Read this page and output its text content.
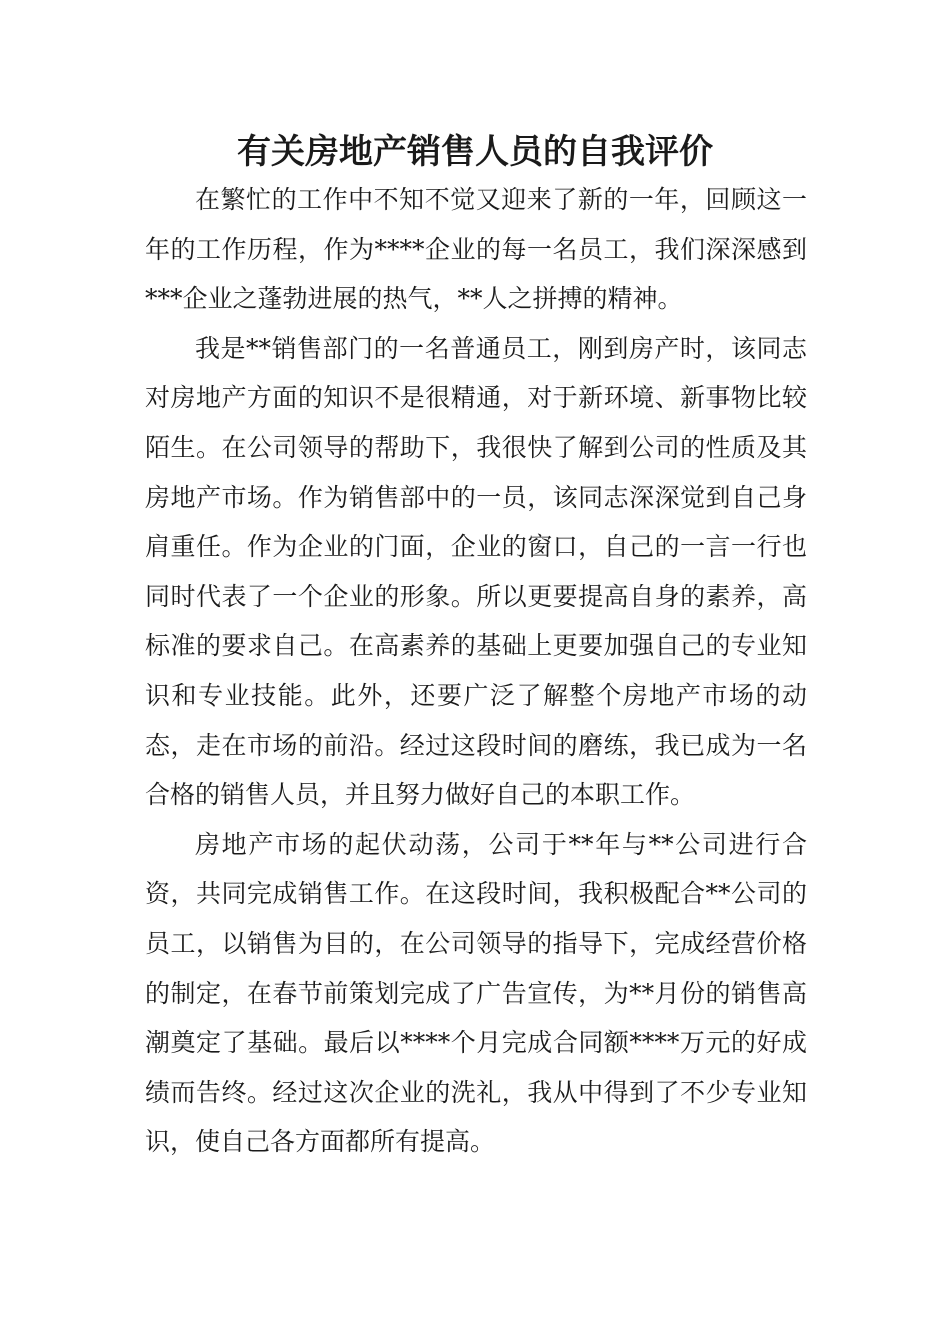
有关房地产销售人员的自我评价

在繁忙的工作中不知不觉又迎来了新的一年，回顾这一年的工作历程，作为****企业的每一名员工，我们深深感到***企业之蓬勃进展的热气，**人之拼搏的精神。

我是**销售部门的一名普通员工，刚到房产时，该同志对房地产方面的知识不是很精通，对于新环境、新事物比较陌生。在公司领导的帮助下，我很快了解到公司的性质及其房地产市场。作为销售部中的一员，该同志深深觉到自己身肩重任。作为企业的门面，企业的窗口，自己的一言一行也同时代表了一个企业的形象。所以更要提高自身的素养，高标准的要求自己。在高素养的基础上更要加强自己的专业知识和专业技能。此外，还要广泛了解整个房地产市场的动态，走在市场的前沿。经过这段时间的磨练，我已成为一名合格的销售人员，并且努力做好自己的本职工作。

房地产市场的起伏动荡，公司于**年与**公司进行合资，共同完成销售工作。在这段时间，我积极配合**公司的员工，以销售为目的，在公司领导的指导下，完成经营价格的制定，在春节前策划完成了广告宣传，为**月份的销售高潮奠定了基础。最后以****个月完成合同额****万元的好成绩而告终。经过这次企业的洗礼，我从中得到了不少专业知识，使自己各方面都所有提高。
